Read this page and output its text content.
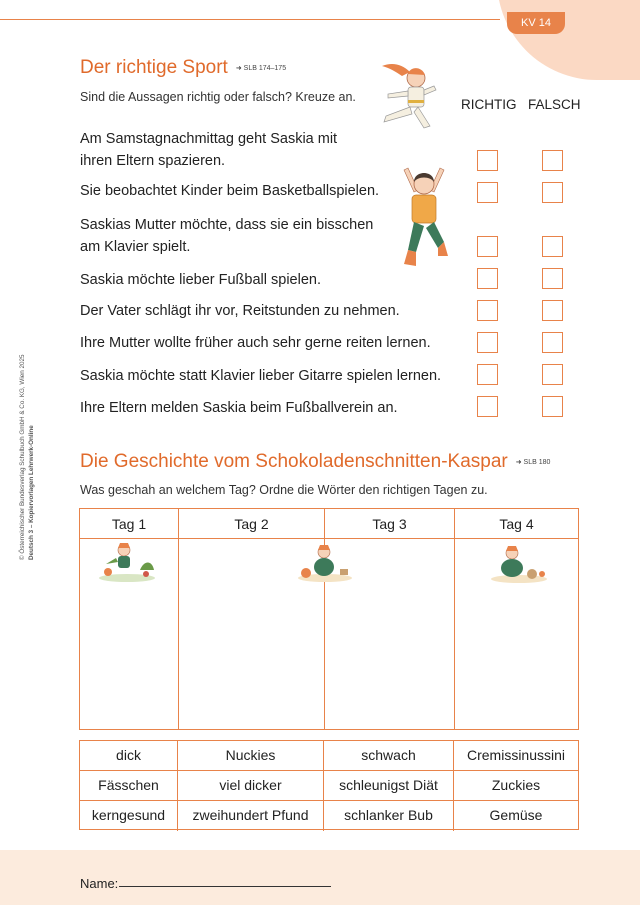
KV 14
© Österreichischer Bundesverlag Schulbuch GmbH & Co. KG, Wien 2025 Deutsch 3 – Kopiervorlagen Lehrwerk-Online
Der richtige Sport ➜ SLB 174–175
Sind die Aussagen richtig oder falsch? Kreuze an.	RICHTIG FALSCH
Am Samstagnachmittag geht Saskia mit
ihren Eltern spazieren.
Sie beobachtet Kinder beim Basketballspielen.
Saskias Mutter möchte, dass sie ein bisschen
am Klavier spielt.
Saskia möchte lieber Fußball spielen.
Der Vater schlägt ihr vor, Reitstunden zu nehmen.
Ihre Mutter wollte früher auch sehr gerne reiten lernen.
Saskia möchte statt Klavier lieber Gitarre spielen lernen.
Ihre Eltern melden Saskia beim Fußballverein an.
Die Geschichte vom Schokoladenschnitten-Kaspar ➜ SLB 180
Was geschah an welchem Tag? Ordne die Wörter den richtigen Tagen zu.
Tag 1	Tag 2	Tag 3	Tag 4
dick	Nuckies	schwach	Cremissinussini
Fässchen	viel dicker	schleunigst Diät	Zuckies
kerngesund	zweihundert Pfund	schlanker Bub	Gemüse
Name:
